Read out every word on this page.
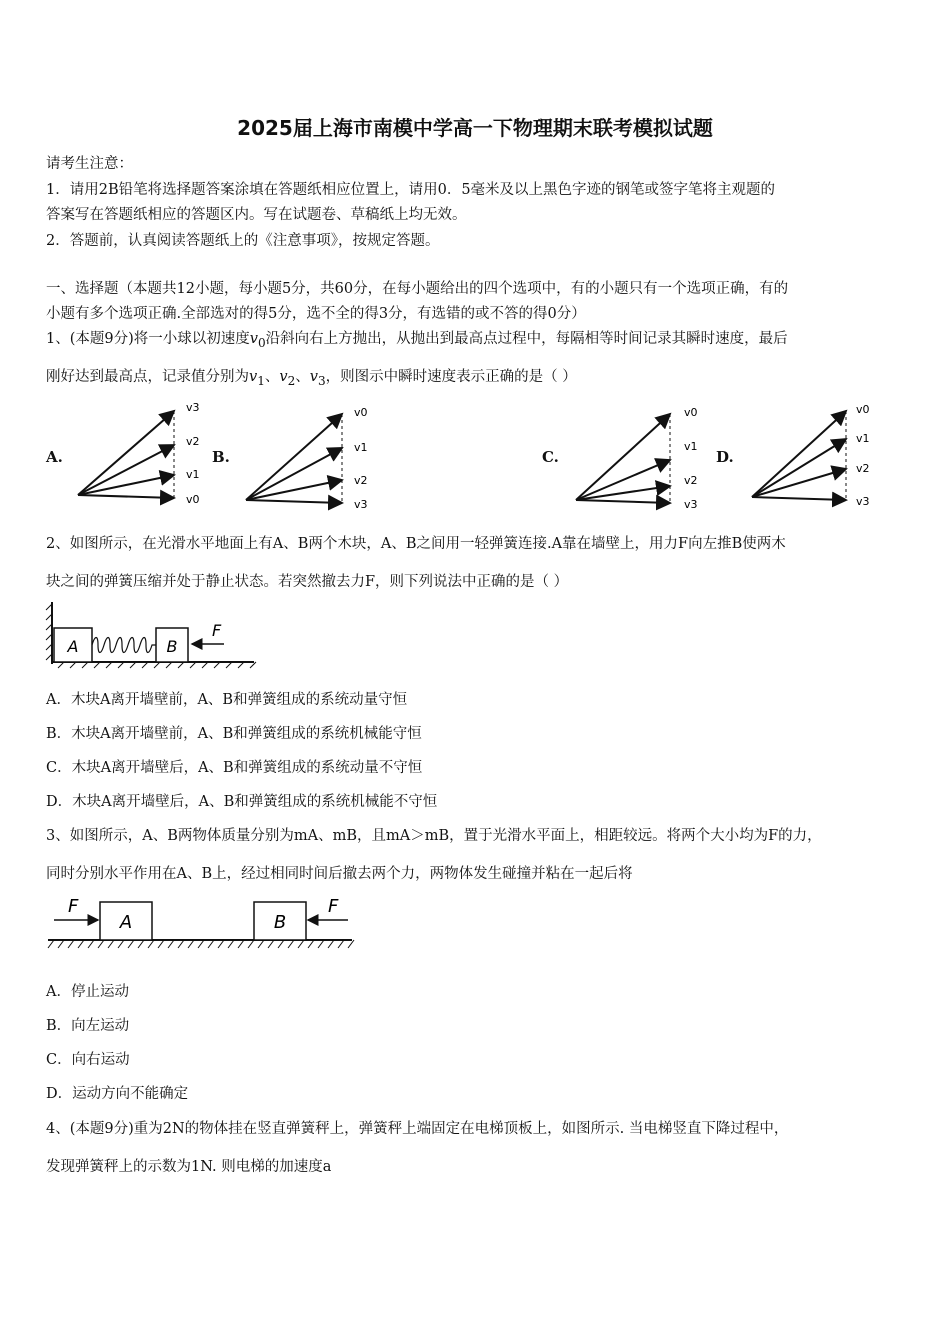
2025届上海市南模中学高一下物理期末联考模拟试题
请考生注意：
1．请用2B铅笔将选择题答案涂填在答题纸相应位置上，请用0．5毫米及以上黑色字迹的钢笔或签字笔将主观题的
答案写在答题纸相应的答题区内。写在试题卷、草稿纸上均无效。
2．答题前，认真阅读答题纸上的《注意事项》，按规定答题。
一、选择题（本题共12小题，每小题5分，共60分，在每小题给出的四个选项中，有的小题只有一个选项正确，有的
小题有多个选项正确.全部选对的得5分，选不全的得3分，有选错的或不答的得0分）
1、(本题9分)将一小球以初速度$v_0$沿斜向右上方抛出，从抛出到最高点过程中，每隔相等时间记录其瞬时速度，最后
刚好达到最高点，记录值分别为$v_1$、$v_2$、$v_3$，则图示中瞬时速度表示正确的是（ ）
A.	B.	C.	D.
v3
v2
v1
v0
v0
v1
v2
v3
v0
v1
v2
v3
v0
v1
v2
v3
2、如图所示，在光滑水平地面上有A、B两个木块，A、B之间用一轻弹簧连接.A靠在墙壁上，用力F向左推B使两木
块之间的弹簧压缩并处于静止状态。若突然撤去力F，则下列说法中正确的是（ ）
A	B
F
A．木块A离开墙壁前，A、B和弹簧组成的系统动量守恒
B．木块A离开墙壁前，A、B和弹簧组成的系统机械能守恒
C．木块A离开墙壁后，A、B和弹簧组成的系统动量不守恒
D．木块A离开墙壁后，A、B和弹簧组成的系统机械能不守恒
3、如图所示，A、B两物体质量分别为mA、mB，且mA＞mB，置于光滑水平面上，相距较远。将两个大小均为F的力，
同时分别水平作用在A、B上，经过相同时间后撤去两个力，两物体发生碰撞并粘在一起后将
A
F
B
F
A．停止运动
B．向左运动
C．向右运动
D．运动方向不能确定
4、(本题9分)重为2N的物体挂在竖直弹簧秤上，弹簧秤上端固定在电梯顶板上，如图所示. 当电梯竖直下降过程中，
发现弹簧秤上的示数为1N. 则电梯的加速度a
